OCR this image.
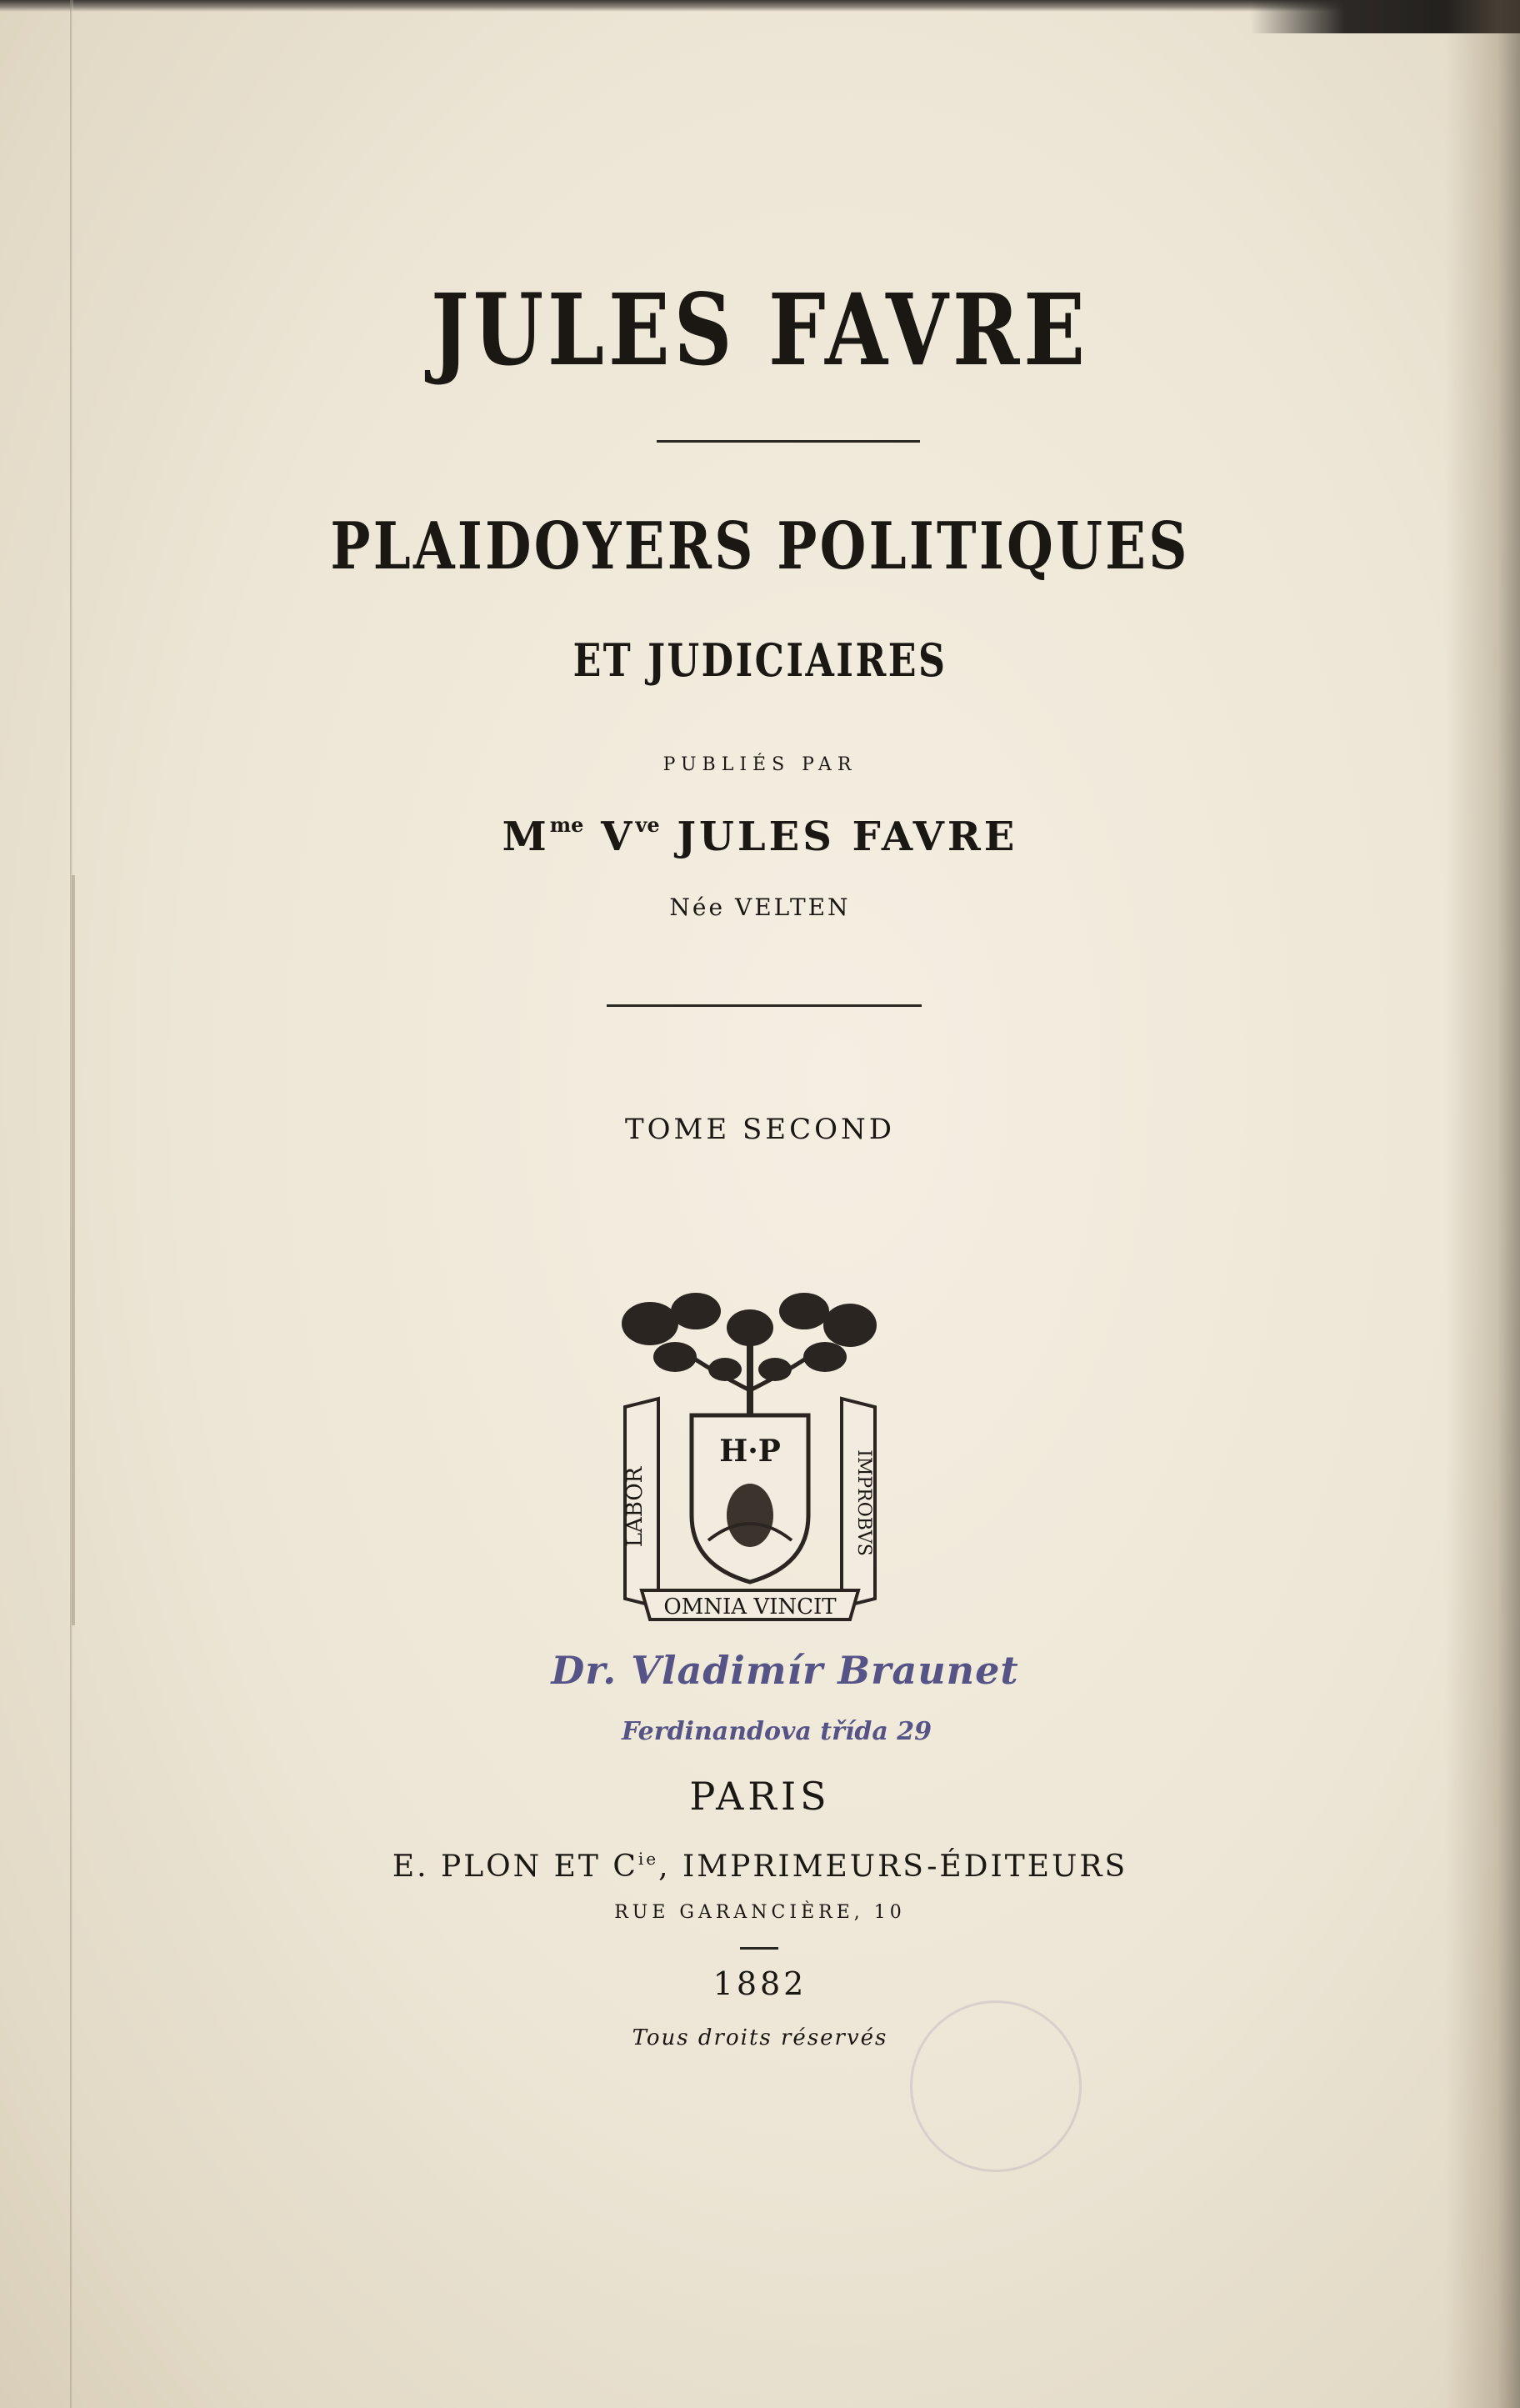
JULES FAVRE
PLAIDOYERS POLITIQUES
ET JUDICIAIRES
PUBLIÉS PAR
$M^{me}$ $V^{ve}$ JULES FAVRE
Née VELTEN
TOME SECOND
LABOR	IMPROBVS
H·P
OMNIA VINCIT
Dr. Vladimír Braunet
Ferdinandova třída 29
PARIS
E. PLON ET $C^{ie}$, IMPRIMEURS-ÉDITEURS
RUE GARANCIÈRE, 10
1882
Tous droits réservés
